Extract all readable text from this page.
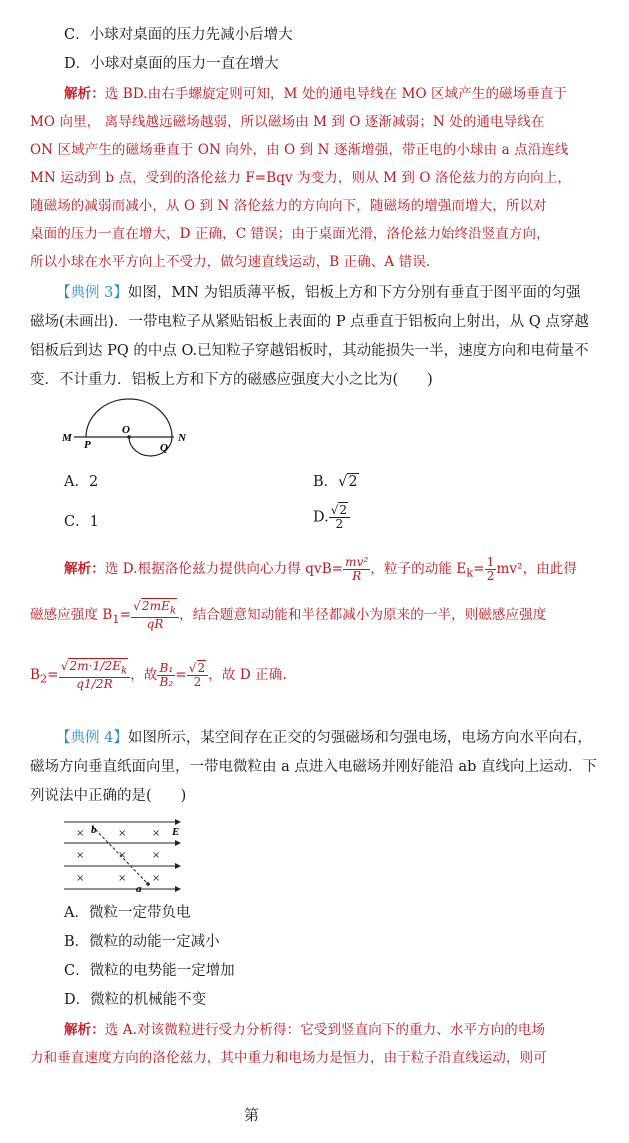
C．小球对桌面的压力先减小后增大
D．小球对桌面的压力一直在增大
解析：选 BD.由右手螺旋定则可知，M 处的通电导线在 MO 区域产生的磁场垂直于
MO 向里， 离导线越远磁场越弱，所以磁场由 M 到 O 逐渐减弱；N 处的通电导线在
ON 区域产生的磁场垂直于 ON 向外，由 O 到 N 逐渐增强，带正电的小球由 a 点沿连线
MN 运动到 b 点，受到的洛伦兹力 F=Bqv 为变力，则从 M 到 O 洛伦兹力的方向向上，
随磁场的减弱而减小，从 O 到 N 洛伦兹力的方向向下，随磁场的增强而增大，所以对
桌面的压力一直在增大，D 正确，C 错误；由于桌面光滑，洛伦兹力始终沿竖直方向，
所以小球在水平方向上不受力，做匀速直线运动，B 正确、A 错误.
【典例 3】如图，MN 为铝质薄平板，铝板上方和下方分别有垂直于图平面的匀强
磁场(未画出)．一带电粒子从紧贴铝板上表面的 P 点垂直于铝板向上射出，从 Q 点穿越
铝板后到达 PQ 的中点 O.已知粒子穿越铝板时，其动能损失一半，速度方向和电荷量不
变．不计重力．铝板上方和下方的磁感应强度大小之比为(　　)
M
P
O
Q
N
A．2	B．√2
C．1	D. $\frac{√2}{2}$
解析：选 D.根据洛伦兹力提供向心力得 $qvB= \frac{\text{mv²}}{R}$ ，粒子的动能 $E_k= \frac{1}{2} mv^2$，由此得
磁感应强度 $B_1= \frac{√2mE_k}{qR}$ ，结合题意知动能和半径都减小为原来的一半，则磁感应强度
$B_2= \frac{√2m\cdot 1/2E_k}{q1/2R}$ ，故 $\frac{\text{B₁}}{\text{B₂}} = \frac{√2}{2}$ ，故 D 正确.
【典例 4】如图所示，某空间存在正交的匀强磁场和匀强电场，电场方向水平向右，
磁场方向垂直纸面向里，一带电微粒由 a 点进入电磁场并刚好能沿 ab 直线向上运动．下
列说法中正确的是(　　)
×	×	×
×	×	×
×	×	×
b
a
E
A．微粒一定带负电
B．微粒的动能一定减小
C．微粒的电势能一定增加
D．微粒的机械能不变
解析：选 A.对该微粒进行受力分析得：它受到竖直向下的重力、水平方向的电场
力和垂直速度方向的洛伦兹力，其中重力和电场力是恒力，由于粒子沿直线运动，则可
第
